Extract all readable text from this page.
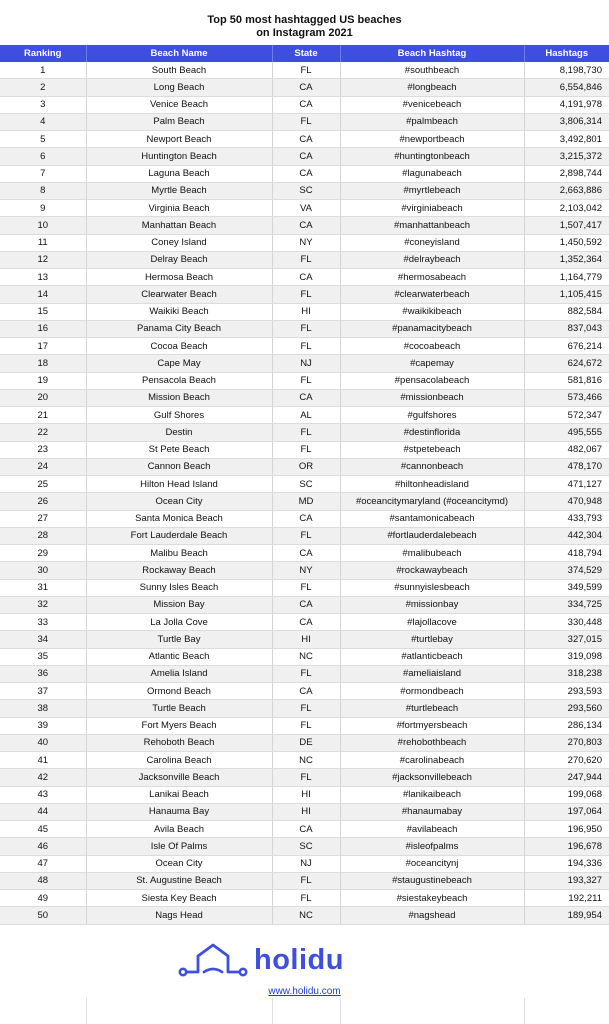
Top 50 most hashtagged US beaches
on Instagram 2021
Ranking	Beach Name	State	Beach Hashtag	Hashtags
1	South Beach	FL	#southbeach	8,198,730
2	Long Beach	CA	#longbeach	6,554,846
3	Venice Beach	CA	#venicebeach	4,191,978
4	Palm Beach	FL	#palmbeach	3,806,314
5	Newport Beach	CA	#newportbeach	3,492,801
6	Huntington Beach	CA	#huntingtonbeach	3,215,372
7	Laguna Beach	CA	#lagunabeach	2,898,744
8	Myrtle Beach	SC	#myrtlebeach	2,663,886
9	Virginia Beach	VA	#virginiabeach	2,103,042
10	Manhattan Beach	CA	#manhattanbeach	1,507,417
11	Coney Island	NY	#coneyisland	1,450,592
12	Delray Beach	FL	#delraybeach	1,352,364
13	Hermosa Beach	CA	#hermosabeach	1,164,779
14	Clearwater Beach	FL	#clearwaterbeach	1,105,415
15	Waikiki Beach	HI	#waikikibeach	882,584
16	Panama City Beach	FL	#panamacitybeach	837,043
17	Cocoa Beach	FL	#cocoabeach	676,214
18	Cape May	NJ	#capemay	624,672
19	Pensacola Beach	FL	#pensacolabeach	581,816
20	Mission Beach	CA	#missionbeach	573,466
21	Gulf Shores	AL	#gulfshores	572,347
22	Destin	FL	#destinflorida	495,555
23	St Pete Beach	FL	#stpetebeach	482,067
24	Cannon Beach	OR	#cannonbeach	478,170
25	Hilton Head Island	SC	#hiltonheadisland	471,127
26	Ocean City	MD	#oceancitymaryland (#oceancitymd)	470,948
27	Santa Monica Beach	CA	#santamonicabeach	433,793
28	Fort Lauderdale Beach	FL	#fortlauderdalebeach	442,304
29	Malibu Beach	CA	#malibubeach	418,794
30	Rockaway Beach	NY	#rockawaybeach	374,529
31	Sunny Isles Beach	FL	#sunnyislesbeach	349,599
32	Mission Bay	CA	#missionbay	334,725
33	La Jolla Cove	CA	#lajollacove	330,448
34	Turtle Bay	HI	#turtlebay	327,015
35	Atlantic Beach	NC	#atlanticbeach	319,098
36	Amelia Island	FL	#ameliaisland	318,238
37	Ormond Beach	CA	#ormondbeach	293,593
38	Turtle Beach	FL	#turtlebeach	293,560
39	Fort Myers Beach	FL	#fortmyersbeach	286,134
40	Rehoboth Beach	DE	#rehobothbeach	270,803
41	Carolina Beach	NC	#carolinabeach	270,620
42	Jacksonville Beach	FL	#jacksonvillebeach	247,944
43	Lanikai Beach	HI	#lanikaibeach	199,068
44	Hanauma Bay	HI	#hanaumabay	197,064
45	Avila Beach	CA	#avilabeach	196,950
46	Isle Of Palms	SC	#isleofpalms	196,678
47	Ocean City	NJ	#oceancitynj	194,336
48	St. Augustine Beach	FL	#staugustinebeach	193,327
49	Siesta Key Beach	FL	#siestakeybeach	192,211
50	Nags Head	NC	#nagshead	189,954
holidu
www.holidu.com
